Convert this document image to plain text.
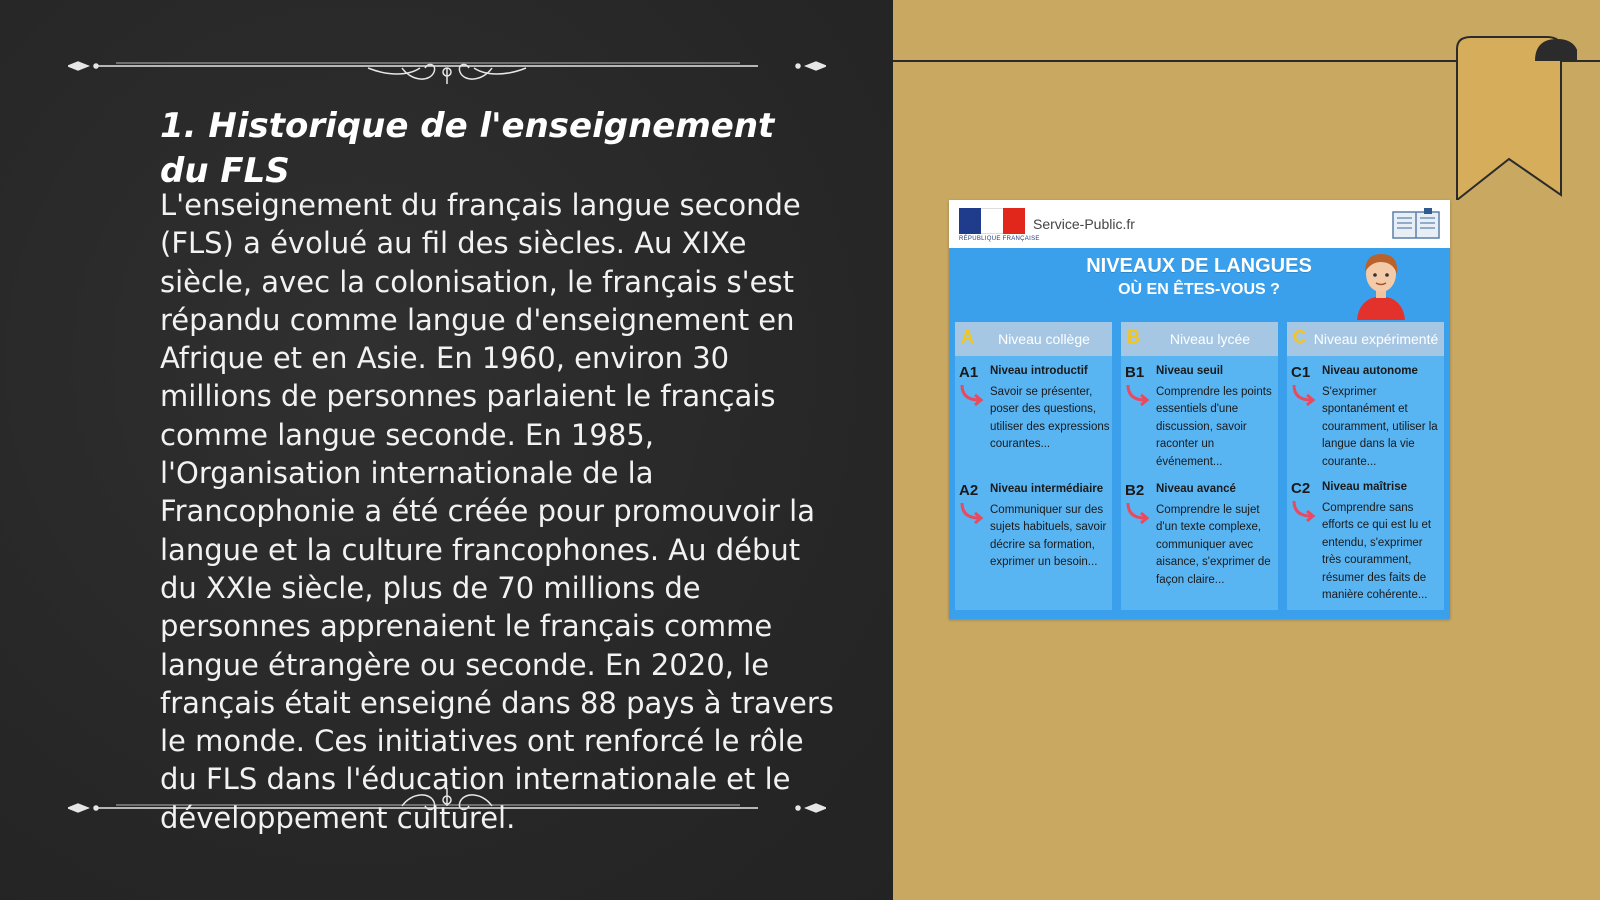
1. Historique de l'enseignement du FLS

L'enseignement du français langue seconde (FLS) a évolué au fil des siècles. Au XIXe siècle, avec la colonisation, le français s'est répandu comme langue d'enseignement en Afrique et en Asie. En 1960, environ 30 millions de personnes parlaient le français comme langue seconde. En 1985, l'Organisation internationale de la Francophonie a été créée pour promouvoir la langue et la culture francophones. Au début du XXIe siècle, plus de 70 millions de personnes apprenaient le français comme langue étrangère ou seconde. En 2020, le français était enseigné dans 88 pays à travers le monde. Ces initiatives ont renforcé le rôle du FLS dans l'éducation internationale et le développement culturel.

RÉPUBLIQUE FRANÇAISE
Service-Public.fr
NIVEAUX DE LANGUES
OÙ EN ÊTES-VOUS ?
A	Niveau collège
A1 Niveau introductif
Savoir se présenter, poser des questions, utiliser des expressions courantes...
A2 Niveau intermédiaire
Communiquer sur des sujets habituels, savoir décrire sa formation, exprimer un besoin...
B	Niveau lycée
B1 Niveau seuil
Comprendre les points essentiels d'une discussion, savoir raconter un événement...
B2 Niveau avancé
Comprendre le sujet d'un texte complexe, communiquer avec aisance, s'exprimer de façon claire...
C Niveau expérimenté
C1 Niveau autonome
S'exprimer spontanément et couramment, utiliser la langue dans la vie courante...
C2 Niveau maîtrise
Comprendre sans efforts ce qui est lu et entendu, s'exprimer très couramment, résumer des faits de manière cohérente...
